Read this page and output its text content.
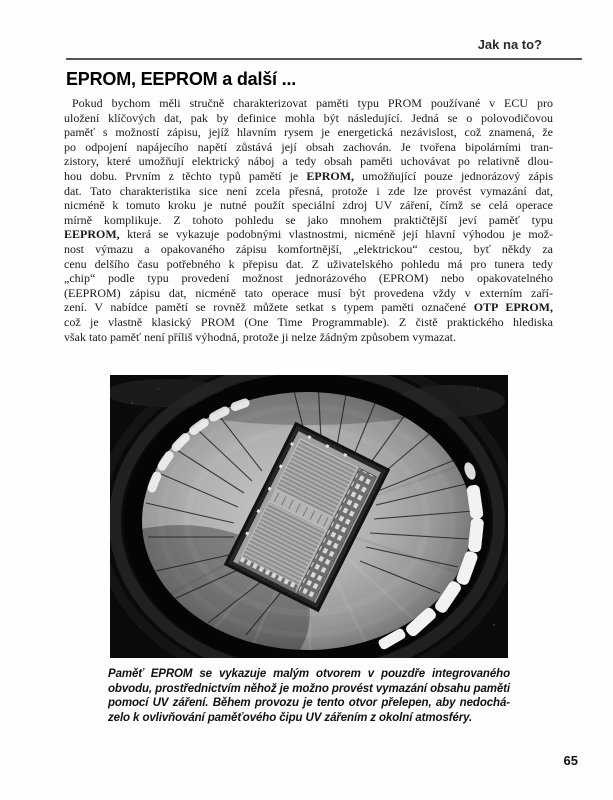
Jak na to?
EPROM, EEPROM a další ...
Pokud bychom měli stručně charakterizovat paměti typu PROM používané v ECU pro
uložení klíčových dat, pak by definice mohla být následující. Jedná se o polovodičovou
paměť s možností zápisu, jejíž hlavním rysem je energetická nezávislost, což znamená, že
po odpojení napájecího napětí zůstává její obsah zachován. Je tvořena bipolárními tran-
zistory, které umožňují elektrický náboj a tedy obsah paměti uchovávat po relativně dlou-
hou dobu. Prvním z těchto typů pamětí je EPROM, umožňující pouze jednorázový zápis
dat. Tato charakteristika sice není zcela přesná, protože i zde lze provést vymazání dat,
nicméně k tomuto kroku je nutné použít speciální zdroj UV záření, čímž se celá operace
mírně komplikuje. Z tohoto pohledu se jako mnohem praktičtější jeví paměť typu
EEPROM, která se vykazuje podobnými vlastnostmi, nicméně její hlavní výhodou je mož-
nost výmazu a opakovaného zápisu komfortnější, „elektrickou“ cestou, byť někdy za
cenu delšího času potřebného k přepisu dat. Z uživatelského pohledu má pro tunera tedy
„chip“ podle typu provedení možnost jednorázového (EPROM) nebo opakovatelného
(EEPROM) zápisu dat, nicméně tato operace musí být provedena vždy v externím zaří-
zení. V nabídce pamětí se rovněž můžete setkat s typem paměti označené OTP EPROM,
což je vlastně klasický PROM (One Time Programmable). Z čistě praktického hlediska
však tato paměť není příliš výhodná, protože ji nelze žádným způsobem vymazat.
Paměť EPROM se vykazuje malým otvorem v pouzdře integrovaného
obvodu, prostřednictvím něhož je možno provést vymazání obsahu paměti
pomocí UV záření. Během provozu je tento otvor přelepen, aby nedochá-
zelo k ovlivňování paměťového čipu UV zářením z okolní atmosféry.
65
